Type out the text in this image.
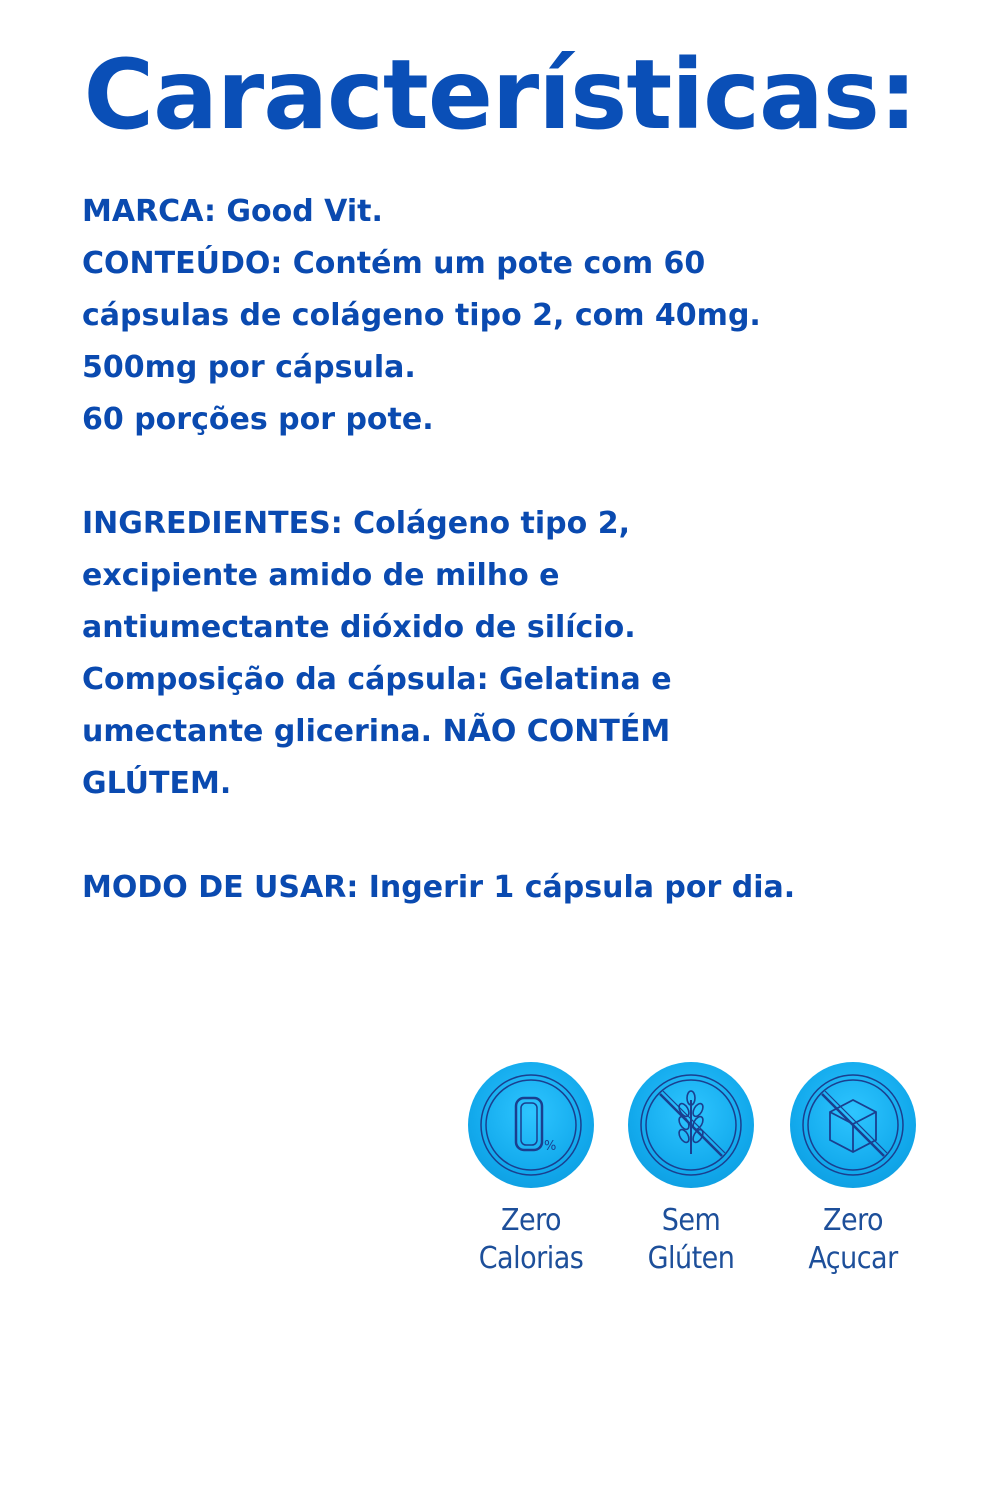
Características:
MARCA: Good Vit.
CONTEÚDO: Contém um pote com 60
cápsulas de colágeno tipo 2, com 40mg.
500mg por cápsula.
60 porções por pote.
INGREDIENTES: Colágeno tipo 2,
excipiente amido de milho e
antiumectante dióxido de silício.
Composição da cápsula: Gelatina e
umectante glicerina. NÃO CONTÉM
GLÚTEM.
MODO DE USAR: Ingerir 1 cápsula por dia.
%
Zero
Calorias
Sem
Glúten
Zero
Açucar
